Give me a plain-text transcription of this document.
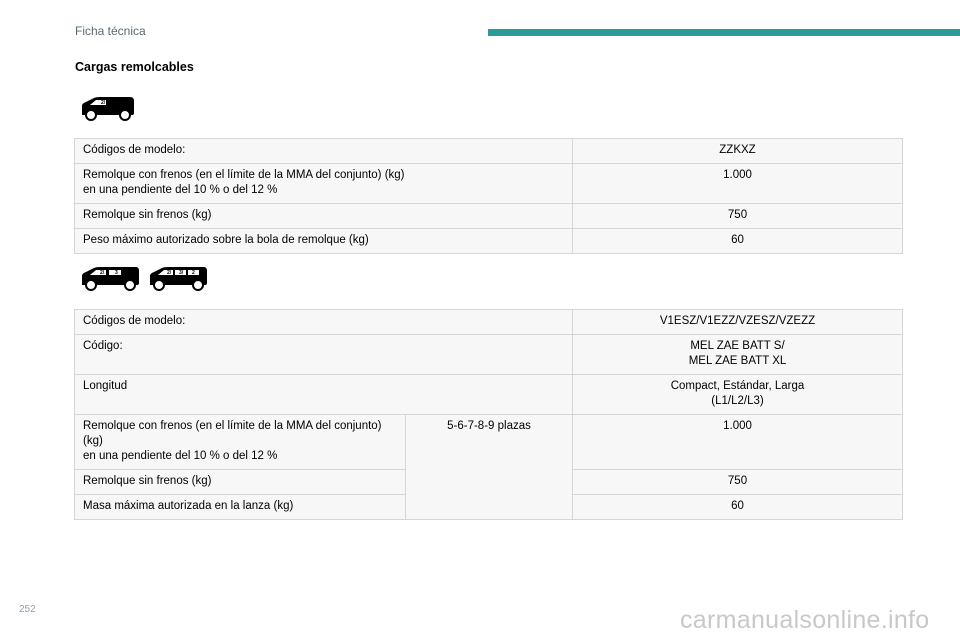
Ficha técnica
Cargas remolcables
2/
Códigos de modelo:	ZZKXZ
Remolque con frenos (en el límite de la MMA del conjunto) (kg)
en una pendiente del 10 % o del 12 %	1.000
Remolque sin frenos (kg)	750
Peso máximo autorizado sobre la bola de remolque (kg)	60
2/ 3	2/ 3/ 2
Códigos de modelo:		V1ESZ/V1EZZ/VZESZ/VZEZZ
Código:		MEL ZAE BATT S/
MEL ZAE BATT XL
Longitud		Compact, Estándar, Larga
(L1/L2/L3)
Remolque con frenos (en el límite de la MMA del conjunto)
(kg)
en una pendiente del 10 % o del 12 %	5-6-7-8-9 plazas	1.000
Remolque sin frenos (kg)		750
Masa máxima autorizada en la lanza (kg)		60
252	carmanualsonline.info
